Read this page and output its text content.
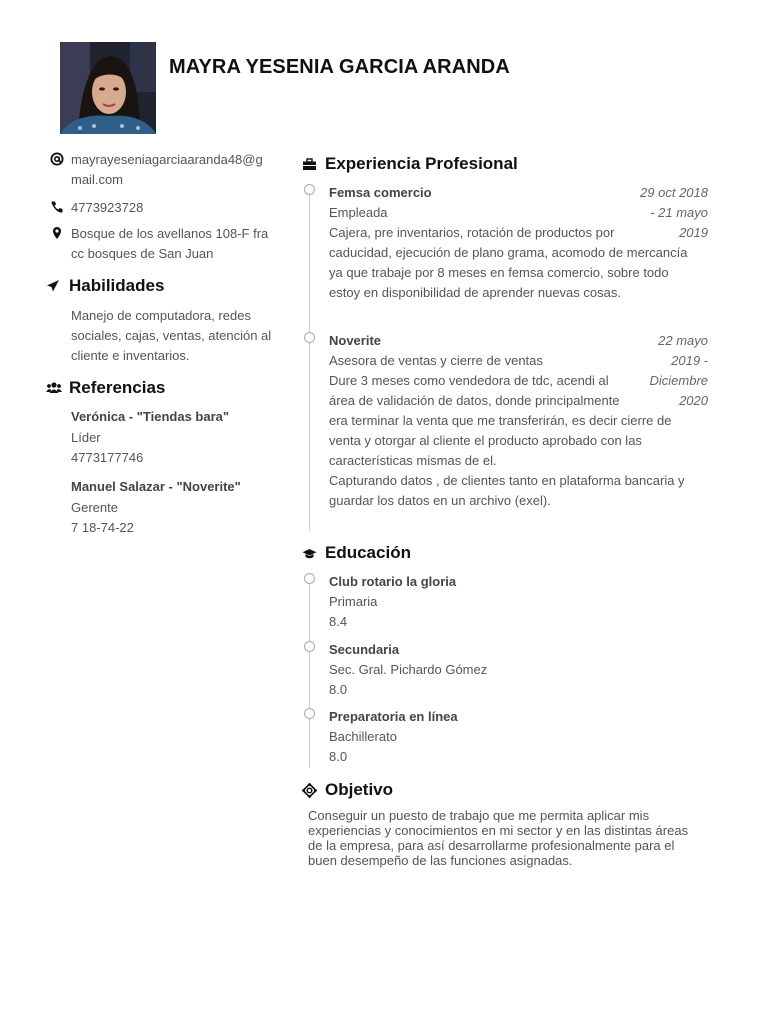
MAYRA YESENIA GARCIA ARANDA
mayrayeseniagarciaaranda48@g
mail.com
4773923728
Bosque de los avellanos 108-F fra
cc bosques de San Juan
Habilidades
Manejo de computadora, redes
sociales, cajas, ventas, atención al
cliente e inventarios.
Referencias
Verónica - "Tiendas bara"
Líder
4773177746
Manuel Salazar - "Noverite"
Gerente
7 18-74-22
Experiencia Profesional
Femsa comercio	29 oct 2018
- 21 mayo
2019
Empleada
Cajera, pre inventarios, rotación de productos por
caducidad, ejecución de plano grama, acomodo de mercancía
ya que trabaje por 8 meses en femsa comercio, sobre todo
estoy en disponibilidad de aprender nuevas cosas.
Noverite	22 mayo
2019 -
Diciembre
2020
Asesora de ventas y cierre de ventas
Dure 3 meses como vendedora de tdc, acendi al
área de validación de datos, donde principalmente
era terminar la venta que me transferirán, es decir cierre de
venta y otorgar al cliente el producto aprobado con las
características mismas de el.
Capturando datos , de clientes tanto en plataforma bancaria y
guardar los datos en un archivo (exel).
Educación
Club rotario la gloria
Primaria
8.4
Secundaria
Sec. Gral. Pichardo Gómez
8.0
Preparatoria en línea
Bachillerato
8.0
Objetivo
Conseguir un puesto de trabajo que me permita aplicar mis
experiencias y conocimientos en mi sector y en las distintas áreas
de la empresa, para así desarrollarme profesionalmente para el
buen desempeño de las funciones asignadas.
